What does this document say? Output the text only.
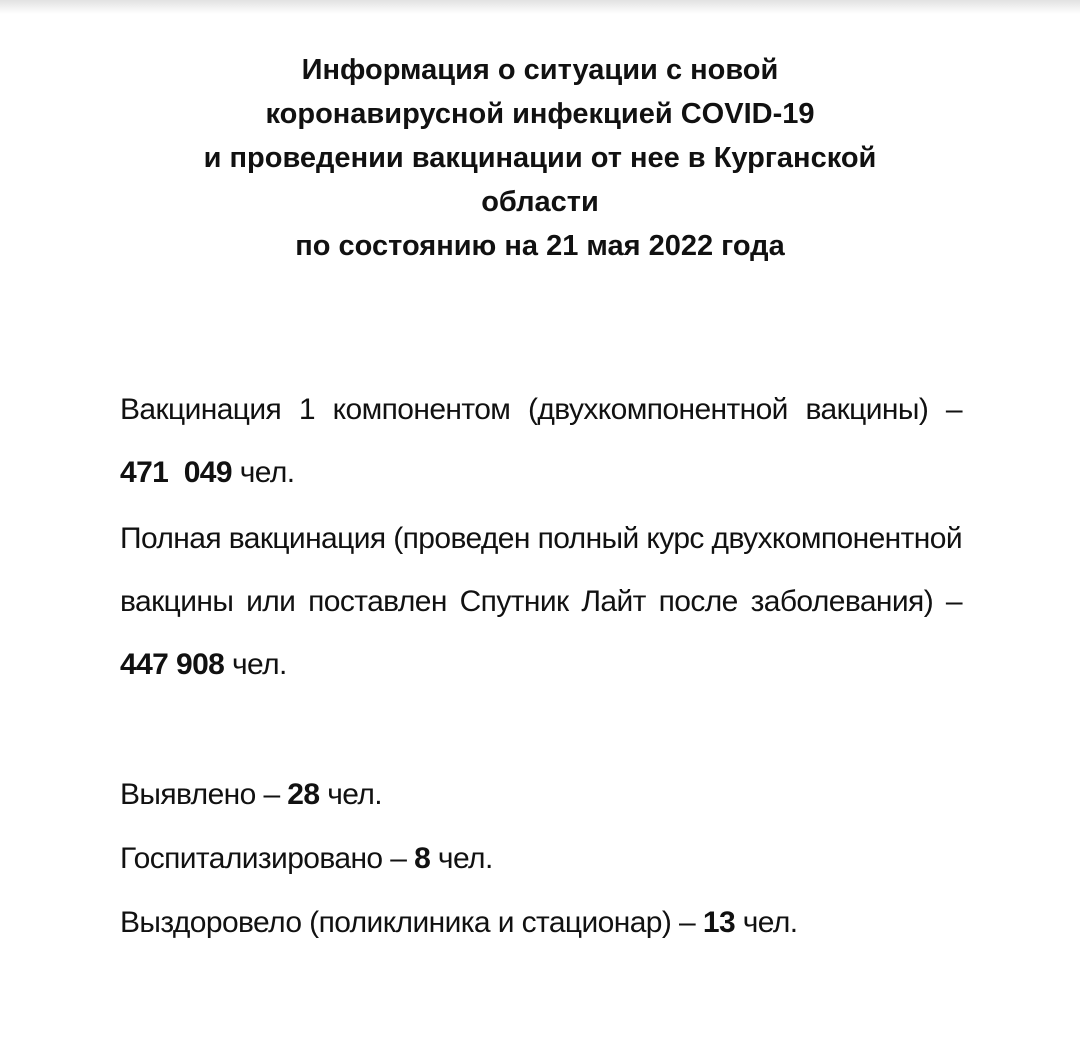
Информация о ситуации с новой
коронавирусной инфекцией COVID-19
и проведении вакцинации от нее в Курганской
области
по состоянию на 21 мая 2022 года

Вакцинация 1 компонентом (двухкомпонентной вакцины) – 471  049 чел.

Полная вакцинация (проведен полный курс двухкомпонентной вакцины или поставлен Спутник Лайт после заболевания) – 447 908 чел.

Выявлено – 28 чел.

Госпитализировано – 8 чел.

Выздоровело (поликлиника и стационар) – 13 чел.
